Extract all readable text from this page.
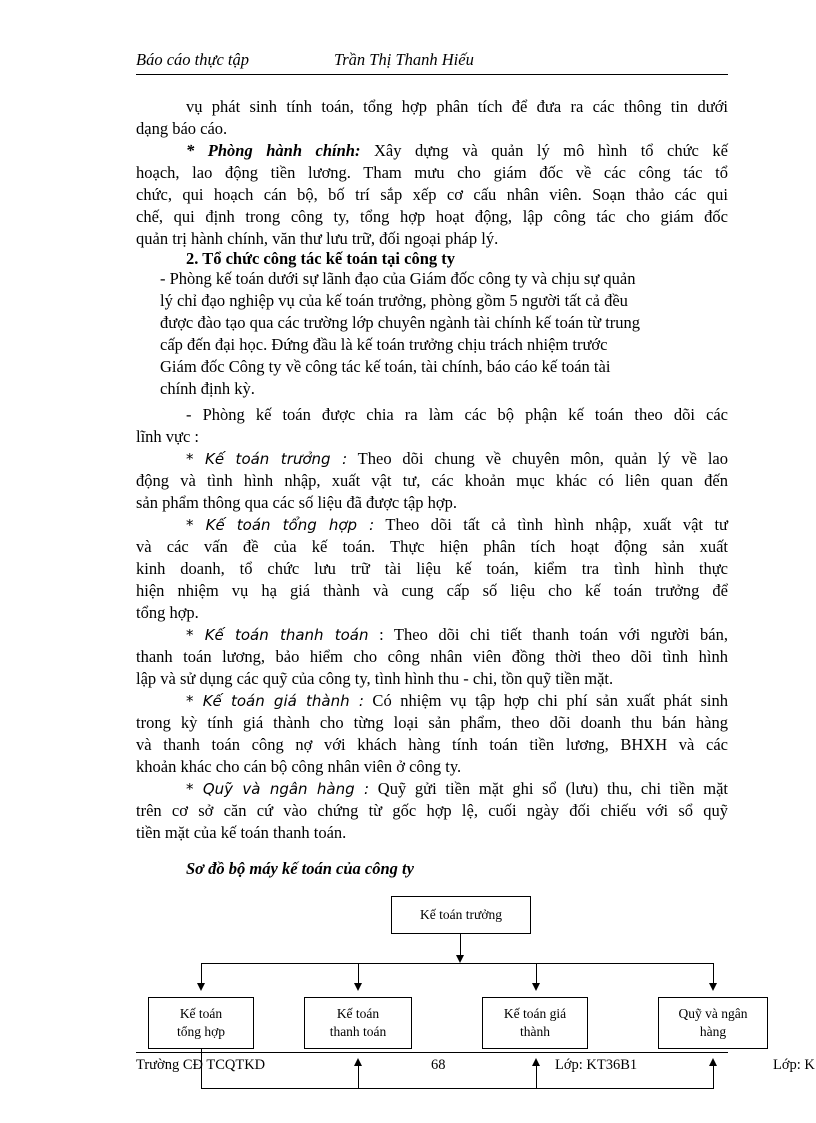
Báo cáo thực tập	Trần Thị Thanh Hiếu
vụ phát sinh tính toán, tổng hợp phân tích để đưa ra các thông tin dưới
dạng báo cáo.
* Phòng hành chính: Xây dựng và quản lý mô hình tổ chức kế
hoạch, lao động tiền lương. Tham mưu cho giám đốc về các công tác tổ
chức, qui hoạch cán bộ, bố trí sắp xếp cơ cấu nhân viên. Soạn thảo các qui
chế, qui định trong công ty, tổng hợp hoạt động, lập công tác cho giám đốc
quản trị hành chính, văn thư lưu trữ, đối ngoại pháp lý.
2. Tổ chức công tác kế toán tại công ty
- Phòng kế toán dưới sự lãnh đạo của Giám đốc công ty và chịu sự quản
lý chỉ đạo nghiệp vụ của kế toán trưởng, phòng gồm 5 người tất cả đều
được đào tạo qua các trường lớp chuyên ngành tài chính kế toán từ trung
cấp đến đại học. Đứng đầu là kế toán trưởng chịu trách nhiệm trước
Giám đốc Công ty về công tác kế toán, tài chính, báo cáo kế toán tài
chính định kỳ.
- Phòng kế toán được chia ra làm các bộ phận kế toán theo dõi các
lĩnh vực :
* Kế toán trưởng : Theo dõi chung về chuyên môn, quản lý về lao
động và tình hình nhập, xuất vật tư, các khoản mục khác có liên quan đến
sản phẩm thông qua các số liệu đã được tập hợp.
* Kế toán tổng hợp : Theo dõi tất cả tình hình nhập, xuất vật tư
và các vấn đề của kế toán. Thực hiện phân tích hoạt động sản xuất
kinh doanh, tổ chức lưu trữ tài liệu kế toán, kiểm tra tình hình thực
hiện nhiệm vụ hạ giá thành và cung cấp số liệu cho kế toán trưởng để
tổng hợp.
* Kế toán thanh toán : Theo dõi chi tiết thanh toán với người bán,
thanh toán lương, bảo hiểm cho công nhân viên đồng thời theo dõi tình hình
lập và sử dụng các quỹ của công ty, tình hình thu - chi, tồn quỹ tiền mặt.
* Kế toán giá thành : Có nhiệm vụ tập hợp chi phí sản xuất phát sinh
trong kỳ tính giá thành cho từng loại sản phẩm, theo dõi doanh thu bán hàng
và thanh toán công nợ với khách hàng tính toán tiền lương, BHXH và các
khoản khác cho cán bộ công nhân viên ở công ty.
* Quỹ và ngân hàng : Quỹ gửi tiền mặt ghi sổ (lưu) thu, chi tiền mặt
trên cơ sở căn cứ vào chứng từ gốc hợp lệ, cuối ngày đối chiếu với sổ quỹ
tiền mặt của kế toán thanh toán.
Sơ đồ bộ máy kế toán của công ty
Kế toán trưởng
Kế toán
tổng hợp
Kế toán
thanh toán
Kế toán giá
thành
Quỹ và ngân
hàng
Trường CĐ TCQTKD	68	Lớp: KT36B1	Lớp: K
